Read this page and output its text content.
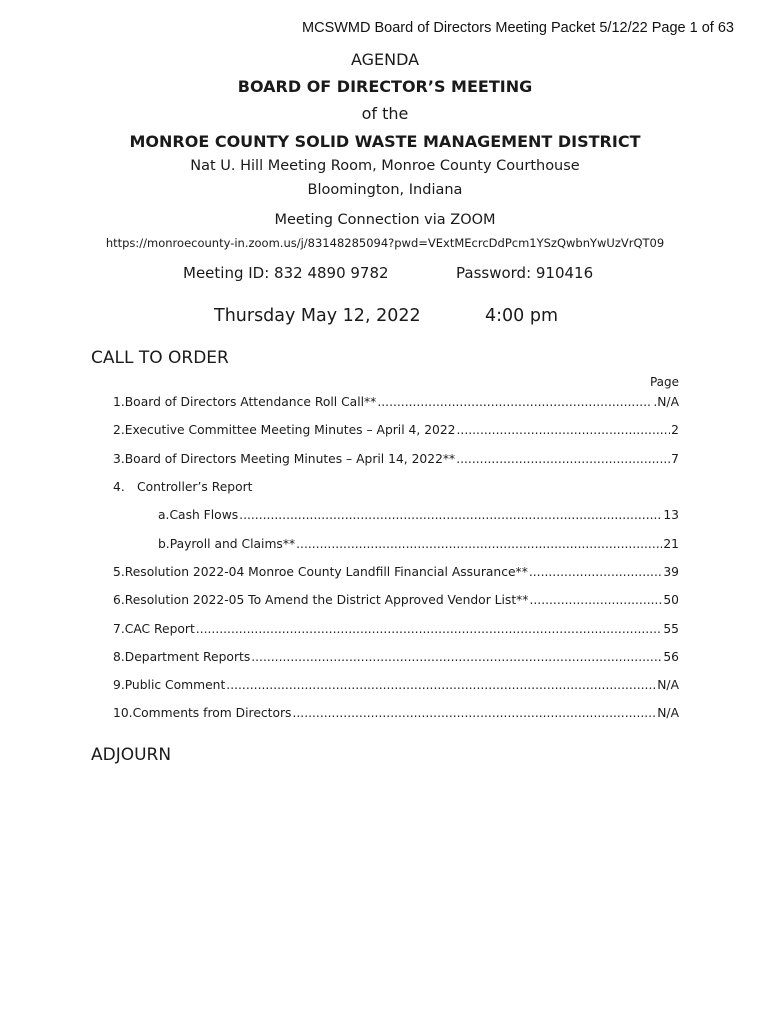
MCSWMD Board of Directors Meeting Packet 5/12/22 Page 1 of 63
AGENDA
BOARD OF DIRECTOR’S MEETING
of the
MONROE COUNTY SOLID WASTE MANAGEMENT DISTRICT
Nat U. Hill Meeting Room, Monroe County Courthouse
Bloomington, Indiana
Meeting Connection via ZOOM
https://monroecounty-in.zoom.us/j/83148285094?pwd=VExtMEcrcDdPcm1YSzQwbnYwUzVrQT09
Meeting ID: 832 4890 9782	Password: 910416
Thursday May 12, 2022	4:00 pm
CALL TO ORDER
Page
1. Board of Directors Attendance Roll Call** .....	.N/A
2. Executive Committee Meeting Minutes – April 4, 2022 .....	2
3. Board of Directors Meeting Minutes – April 14, 2022** .....	7
4. Controller’s Report
a. Cash Flows .....	13
b. Payroll and Claims** .....	21
5. Resolution 2022-04 Monroe County Landfill Financial Assurance** .....	39
6. Resolution 2022-05 To Amend the District Approved Vendor List** .....	50
7. CAC Report .....	55
8. Department Reports .....	56
9. Public Comment .....	N/A
10. Comments from Directors .....	N/A
ADJOURN
